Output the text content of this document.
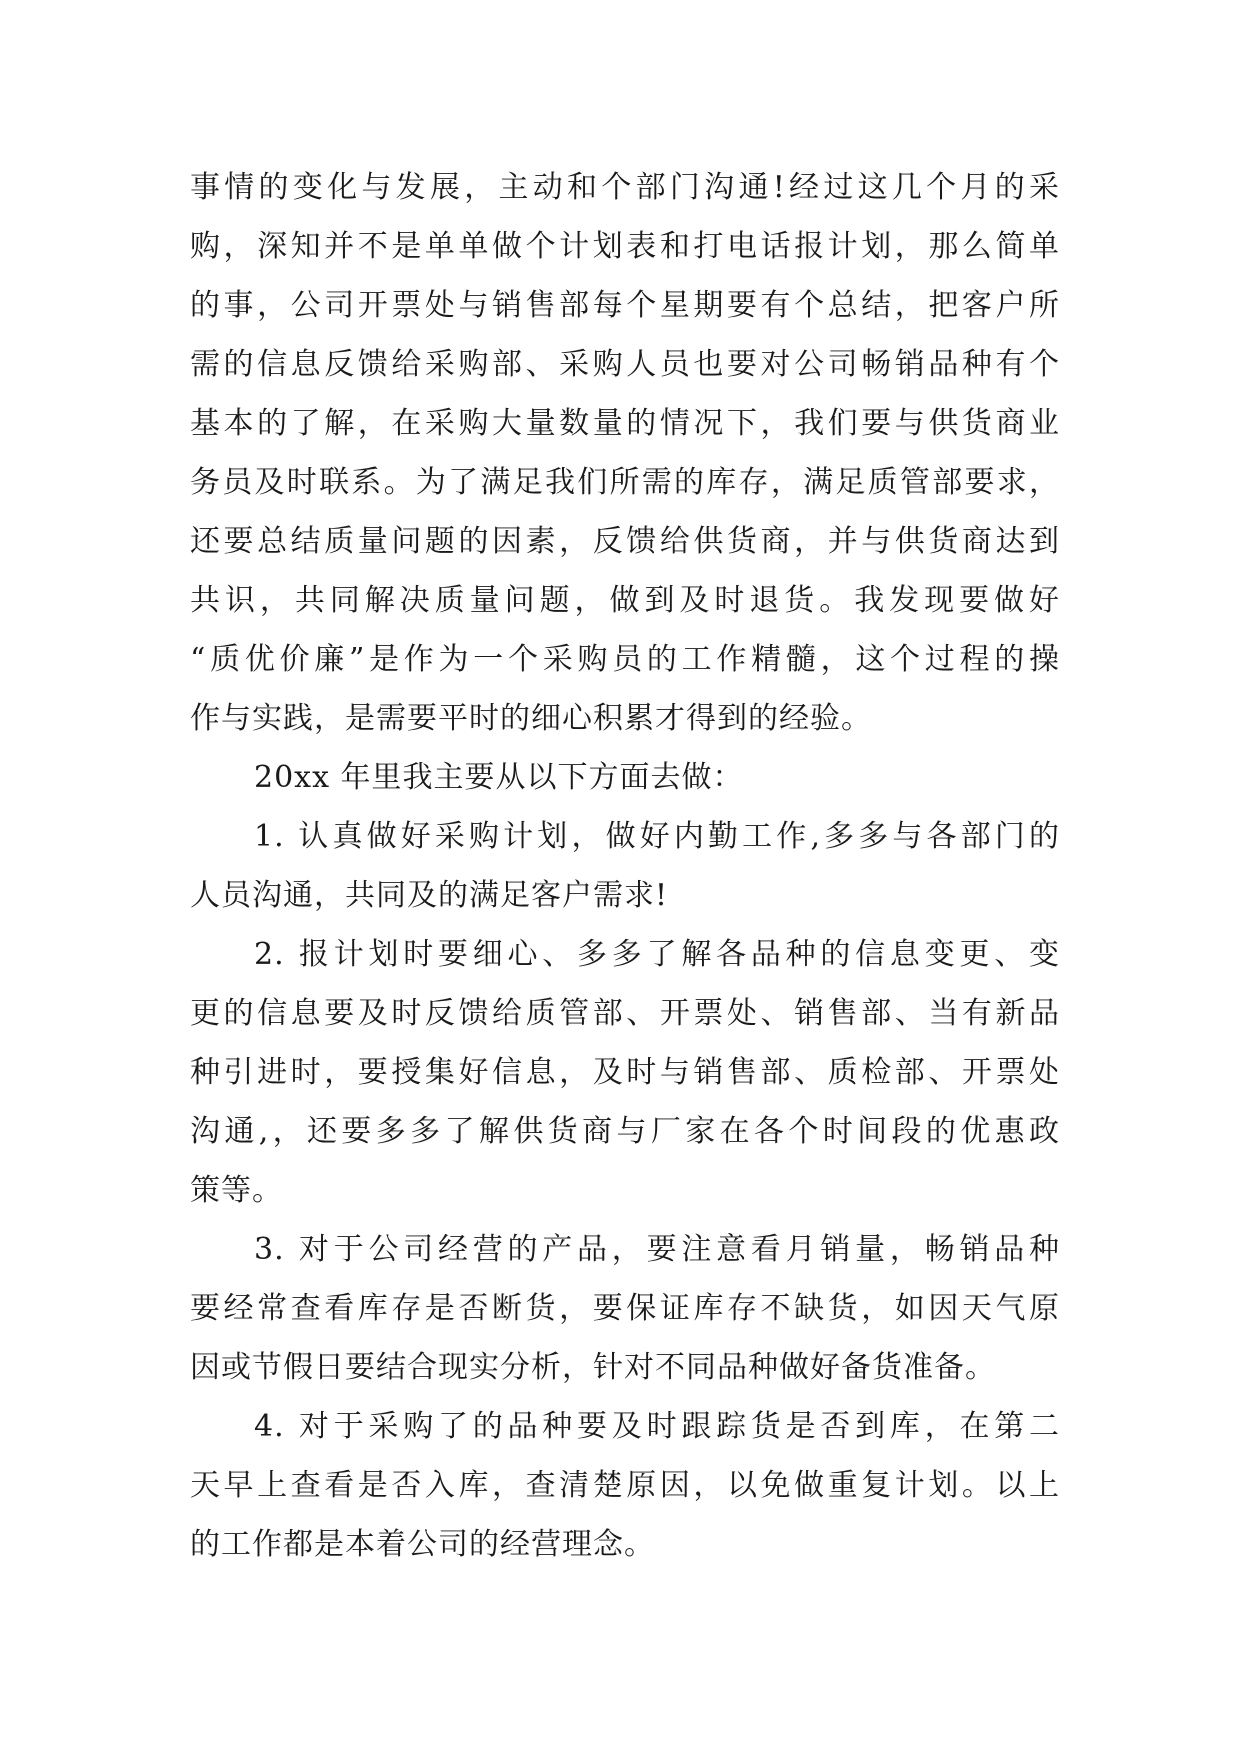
事情的变化与发展，主动和个部门沟通!经过这几个月的采
购，深知并不是单单做个计划表和打电话报计划，那么简单
的事，公司开票处与销售部每个星期要有个总结，把客户所
需的信息反馈给采购部、采购人员也要对公司畅销品种有个
基本的了解，在采购大量数量的情况下，我们要与供货商业
务员及时联系。为了满足我们所需的库存，满足质管部要求，
还要总结质量问题的因素，反馈给供货商，并与供货商达到
共识，共同解决质量问题，做到及时退货。我发现要做好
“质优价廉”是作为一个采购员的工作精髓，这个过程的操
作与实践，是需要平时的细心积累才得到的经验。
20xx 年里我主要从以下方面去做：
1. 认真做好采购计划，做好内勤工作,多多与各部门的
人员沟通，共同及的满足客户需求!
2. 报计划时要细心、多多了解各品种的信息变更、变
更的信息要及时反馈给质管部、开票处、销售部、当有新品
种引进时，要授集好信息，及时与销售部、质检部、开票处
沟通,，还要多多了解供货商与厂家在各个时间段的优惠政
策等。
3. 对于公司经营的产品，要注意看月销量，畅销品种
要经常查看库存是否断货，要保证库存不缺货，如因天气原
因或节假日要结合现实分析，针对不同品种做好备货准备。
4. 对于采购了的品种要及时跟踪货是否到库，在第二
天早上查看是否入库，查清楚原因，以免做重复计划。以上
的工作都是本着公司的经营理念。
